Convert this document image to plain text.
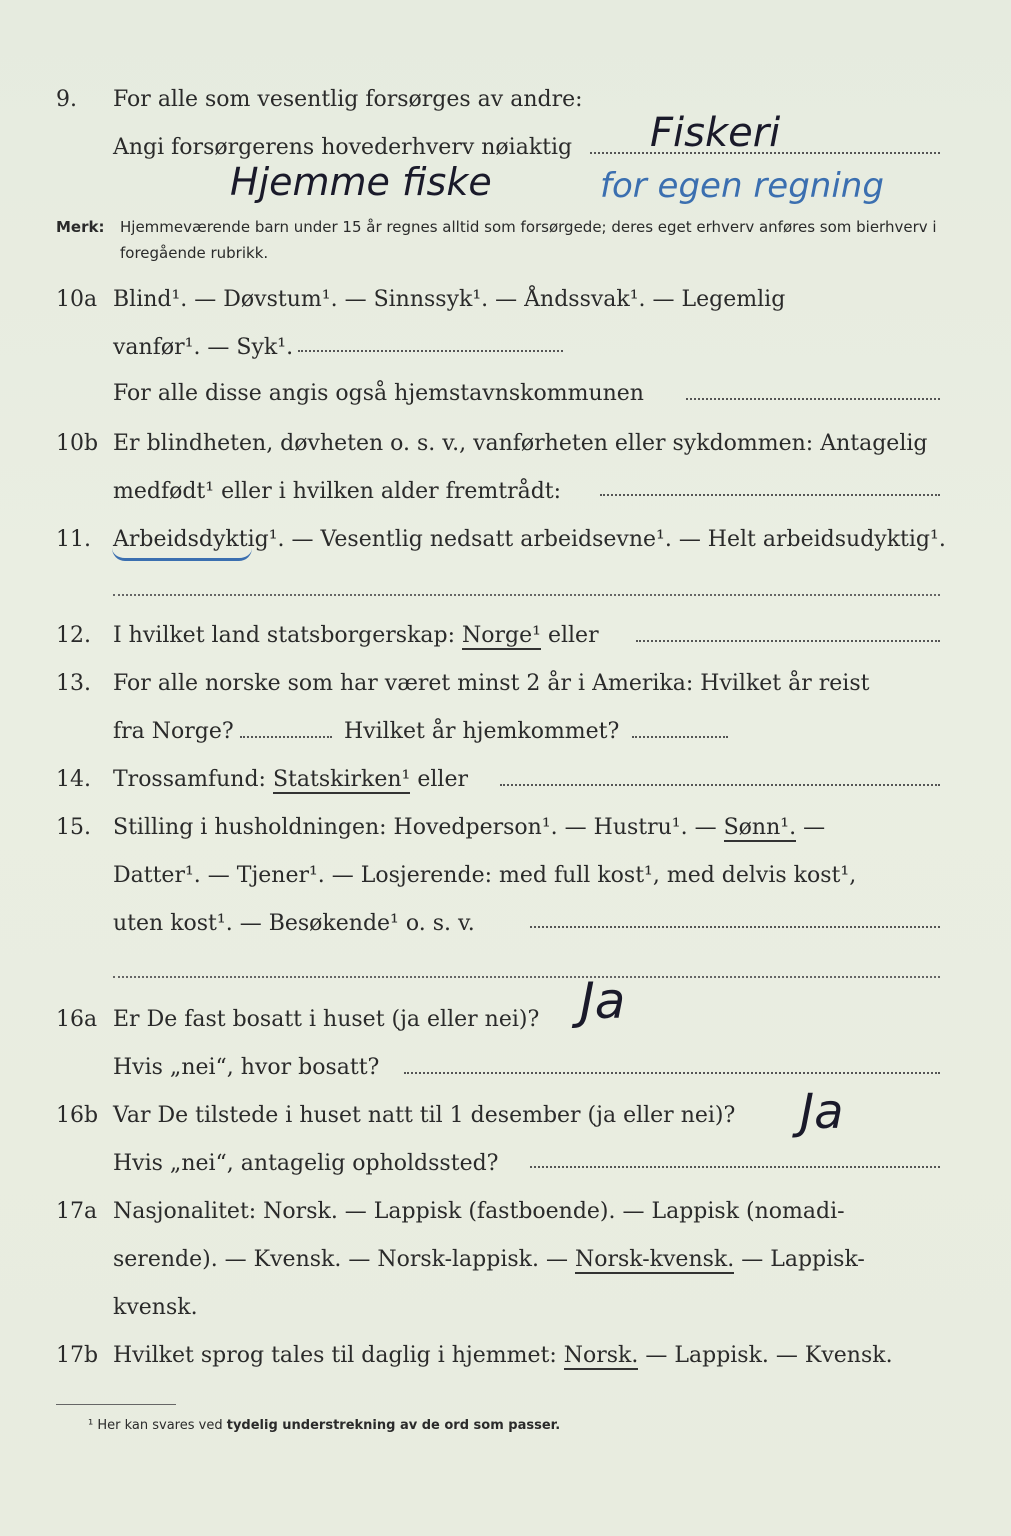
9. For alle som vesentlig forsørges av andre:
Angi forsørgerens hovederhverv nøiaktig	Fiskeri
Hjemme fiske	for egen regning
Merk: Hjemmeværende barn under 15 år regnes alltid som forsørgede; deres eget erhverv anføres som bierhverv i foregående rubrikk.
10a Blind¹. — Døvstum¹. — Sinnssyk¹. — Åndssvak¹. — Legemlig
vanfør¹. — Syk¹.
For alle disse angis også hjemstavnskommunen
10b Er blindheten, døvheten o. s. v., vanførheten eller sykdommen: Antagelig
medfødt¹ eller i hvilken alder fremtrådt:
11. Arbeidsdyktig¹. — Vesentlig nedsatt arbeidsevne¹. — Helt arbeidsudyktig¹.
12. I hvilket land statsborgerskap: Norge¹ eller
13. For alle norske som har været minst 2 år i Amerika: Hvilket år reist
fra Norge?	Hvilket år hjemkommet?
14. Trossamfund: Statskirken¹ eller
15. Stilling i husholdningen: Hovedperson¹. — Hustru¹. — Sønn¹. —
Datter¹. — Tjener¹. — Losjerende: med full kost¹, med delvis kost¹,
uten kost¹. — Besøkende¹ o. s. v.
16a Er De fast bosatt i huset (ja eller nei)? Ja
Hvis „nei“, hvor bosatt?
16b Var De tilstede i huset natt til 1 desember (ja eller nei)?	Ja
Hvis „nei“, antagelig opholdssted?
17a Nasjonalitet: Norsk. — Lappisk (fastboende). — Lappisk (nomadi-
serende). — Kvensk. — Norsk-lappisk. — Norsk-kvensk. — Lappisk-
kvensk.
17b Hvilket sprog tales til daglig i hjemmet: Norsk. — Lappisk. — Kvensk.
¹ Her kan svares ved tydelig understrekning av de ord som passer.
